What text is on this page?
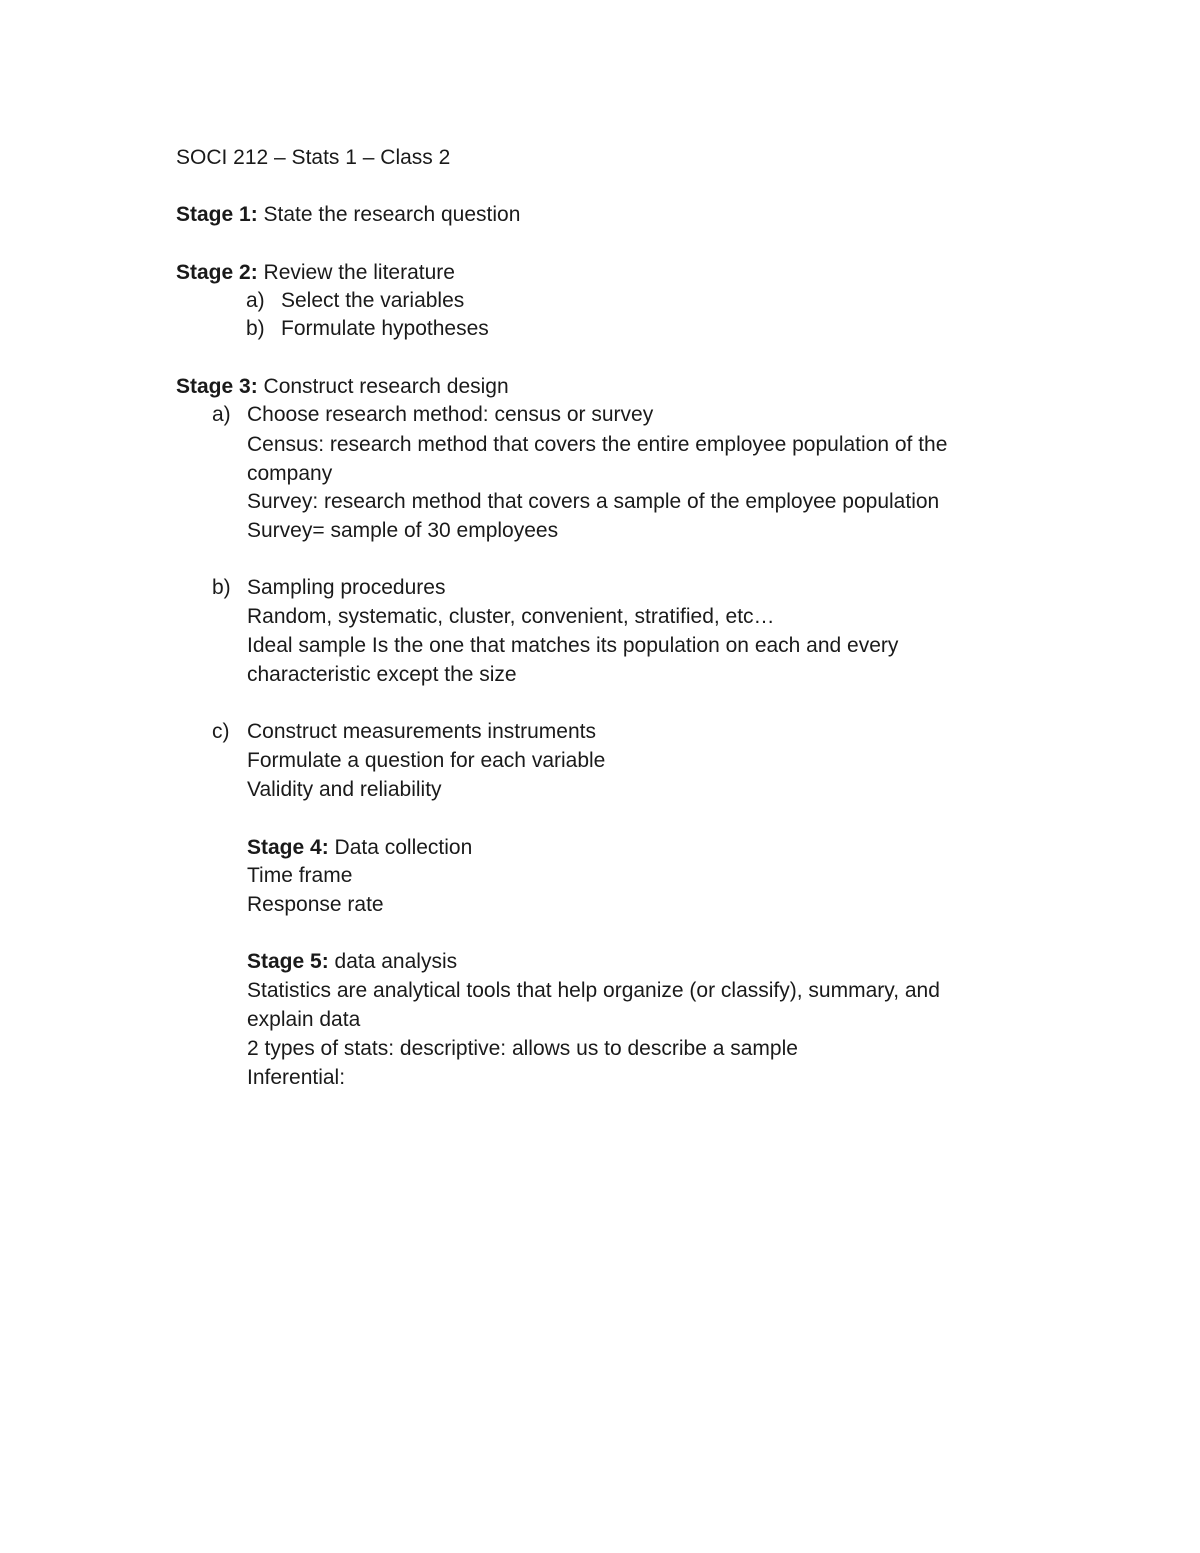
SOCI 212 – Stats 1 – Class 2
Stage 1: State the research question
Stage 2: Review the literature
a) Select the variables
b) Formulate hypotheses
Stage 3: Construct research design
a) Choose research method: census or survey
Census: research method that covers the entire employee population of the
company
Survey: research method that covers a sample of the employee population
Survey= sample of 30 employees
b) Sampling procedures
Random, systematic, cluster, convenient, stratified, etc…
Ideal sample Is the one that matches its population on each and every
characteristic except the size
c) Construct measurements instruments
Formulate a question for each variable
Validity and reliability
Stage 4: Data collection
Time frame
Response rate
Stage 5: data analysis
Statistics are analytical tools that help organize (or classify), summary, and
explain data
2 types of stats: descriptive: allows us to describe a sample
Inferential:
